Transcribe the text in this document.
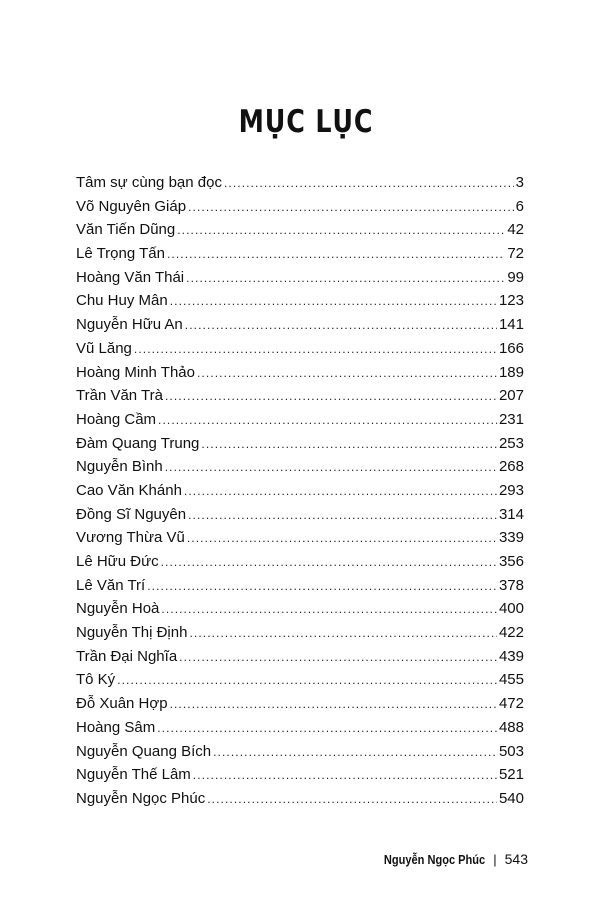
MỤC LỤC
Tâm sự cùng bạn đọc .....	3
Võ Nguyên Giáp .....	6
Văn Tiến Dũng .....	42
Lê Trọng Tấn .....	72
Hoàng Văn Thái .....	99
Chu Huy Mân .....	123
Nguyễn Hữu An .....	141
Vũ Lăng .....	166
Hoàng Minh Thảo .....	189
Trần Văn Trà .....	207
Hoàng Cầm .....	231
Đàm Quang Trung .....	253
Nguyễn Bình .....	268
Cao Văn Khánh .....	293
Đồng Sĩ Nguyên .....	314
Vương Thừa Vũ .....	339
Lê Hữu Đức .....	356
Lê Văn Trí .....	378
Nguyễn Hoà .....	400
Nguyễn Thị Định .....	422
Trần Đại Nghĩa .....	439
Tô Ký .....	455
Đỗ Xuân Hợp .....	472
Hoàng Sâm .....	488
Nguyễn Quang Bích .....	503
Nguyễn Thế Lâm .....	521
Nguyễn Ngọc Phúc .....	540
Nguyễn Ngọc Phúc | 543
